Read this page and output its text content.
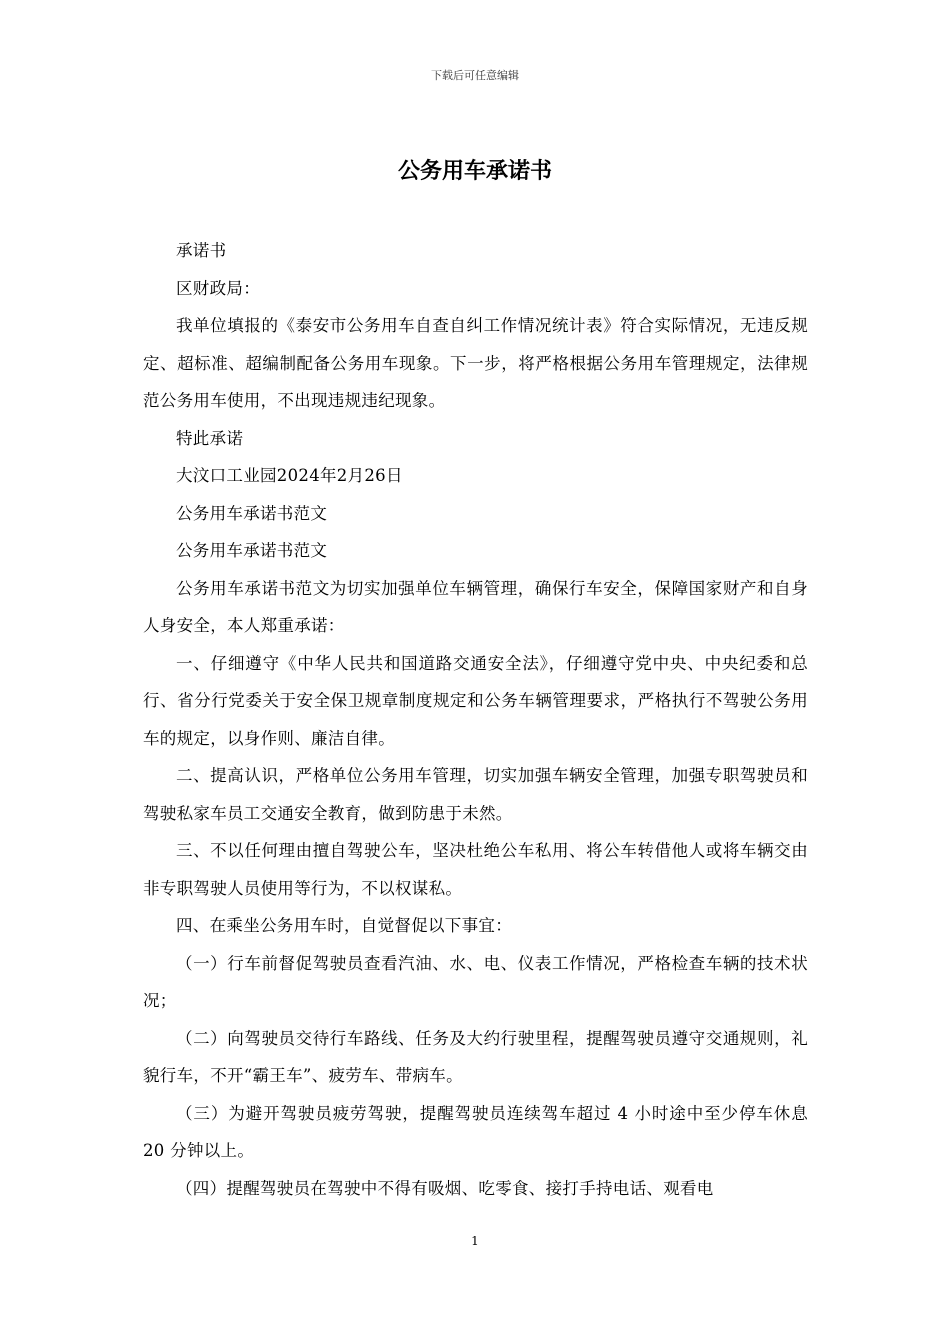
下载后可任意编辑
公务用车承诺书

承诺书

区财政局：

我单位填报的《泰安市公务用车自查自纠工作情况统计表》符合实际情况，无违反规定、超标准、超编制配备公务用车现象。下一步，将严格根据公务用车管理规定，法律规范公务用车使用，不出现违规违纪现象。

特此承诺

大汶口工业园2024年2月26日

公务用车承诺书范文

公务用车承诺书范文

公务用车承诺书范文为切实加强单位车辆管理，确保行车安全，保障国家财产和自身人身安全，本人郑重承诺：

一、仔细遵守《中华人民共和国道路交通安全法》，仔细遵守党中央、中央纪委和总行、省分行党委关于安全保卫规章制度规定和公务车辆管理要求，严格执行不驾驶公务用车的规定，以身作则、廉洁自律。

二、提高认识，严格单位公务用车管理，切实加强车辆安全管理，加强专职驾驶员和驾驶私家车员工交通安全教育，做到防患于未然。

三、不以任何理由擅自驾驶公车，坚决杜绝公车私用、将公车转借他人或将车辆交由非专职驾驶人员使用等行为，不以权谋私。

四、在乘坐公务用车时，自觉督促以下事宜：

（一）行车前督促驾驶员查看汽油、水、电、仪表工作情况，严格检查车辆的技术状况；

（二）向驾驶员交待行车路线、任务及大约行驶里程，提醒驾驶员遵守交通规则，礼貌行车，不开“霸王车”、疲劳车、带病车。

（三）为避开驾驶员疲劳驾驶，提醒驾驶员连续驾车超过 4 小时途中至少停车休息 20 分钟以上。

（四）提醒驾驶员在驾驶中不得有吸烟、吃零食、接打手持电话、观看电

1
